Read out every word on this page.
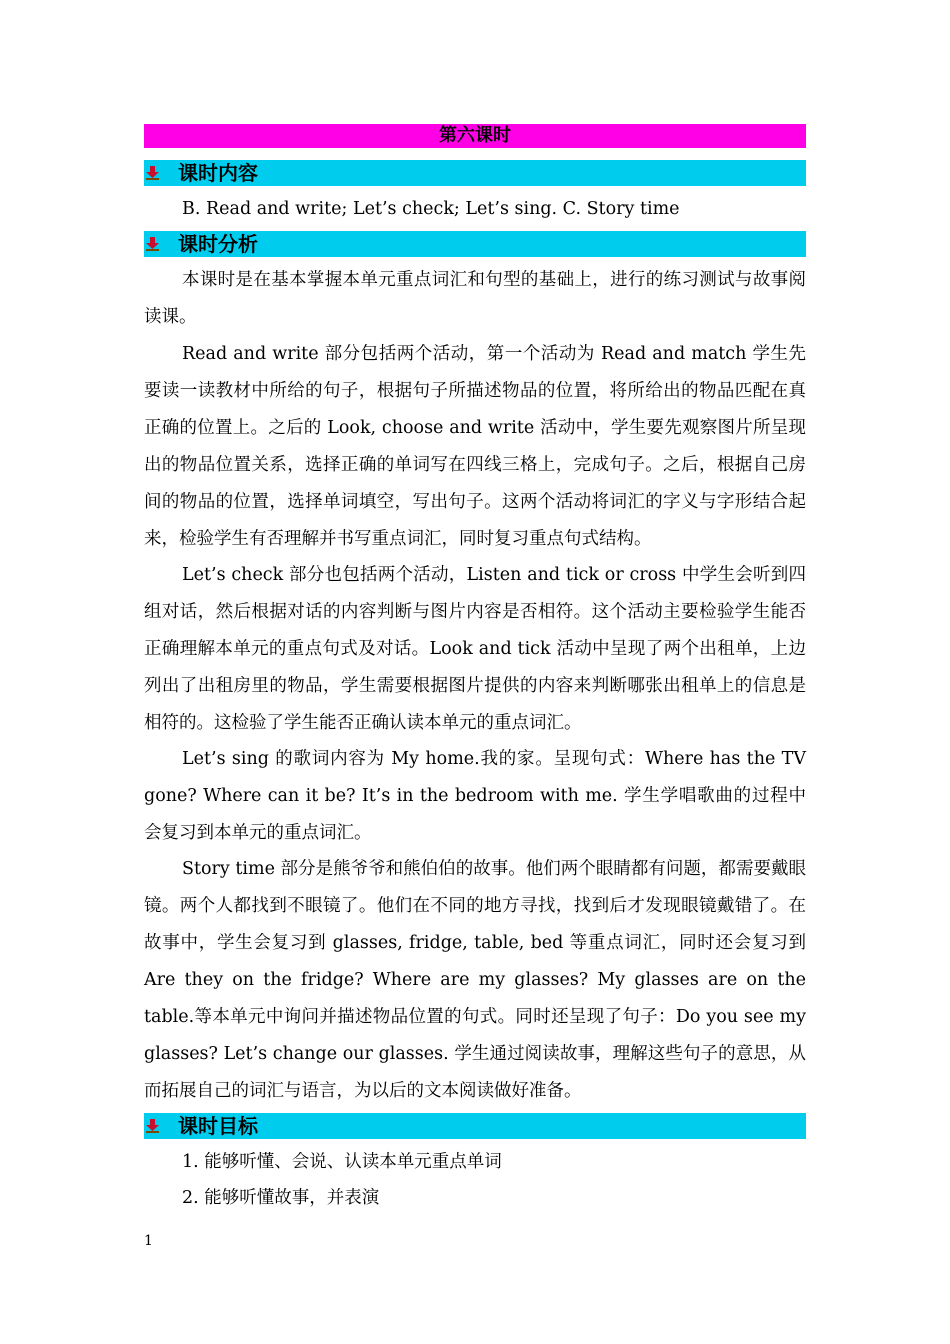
第六课时
课时内容
B. Read and write; Let’s check; Let’s sing. C. Story time
课时分析

本课时是在基本掌握本单元重点词汇和句型的基础上，进行的练习测试与故事阅读课。

Read and write 部分包括两个活动，第一个活动为 Read and match 学生先要读一读教材中所给的句子，根据句子所描述物品的位置，将所给出的物品匹配在真正确的位置上。之后的 Look, choose and write 活动中，学生要先观察图片所呈现出的物品位置关系，选择正确的单词写在四线三格上，完成句子。之后，根据自己房间的物品的位置，选择单词填空，写出句子。这两个活动将词汇的字义与字形结合起来，检验学生有否理解并书写重点词汇，同时复习重点句式结构。

Let’s check 部分也包括两个活动，Listen and tick or cross 中学生会听到四组对话，然后根据对话的内容判断与图片内容是否相符。这个活动主要检验学生能否正确理解本单元的重点句式及对话。Look and tick 活动中呈现了两个出租单，上边列出了出租房里的物品，学生需要根据图片提供的内容来判断哪张出租单上的信息是相符的。这检验了学生能否正确认读本单元的重点词汇。

Let’s sing 的歌词内容为 My home.我的家。呈现句式：Where has the TV gone? Where can it be? It’s in the bedroom with me. 学生学唱歌曲的过程中会复习到本单元的重点词汇。

Story time 部分是熊爷爷和熊伯伯的故事。他们两个眼睛都有问题，都需要戴眼镜。两个人都找到不眼镜了。他们在不同的地方寻找，找到后才发现眼镜戴错了。在故事中，学生会复习到 glasses, fridge, table, bed 等重点词汇，同时还会复习到 Are they on the fridge? Where are my glasses? My glasses are on the table.等本单元中询问并描述物品位置的句式。同时还呈现了句子：Do you see my glasses? Let’s change our glasses. 学生通过阅读故事，理解这些句子的意思，从而拓展自己的词汇与语言，为以后的文本阅读做好准备。

课时目标
1. 能够听懂、会说、认读本单元重点单词
2. 能够听懂故事，并表演
1
